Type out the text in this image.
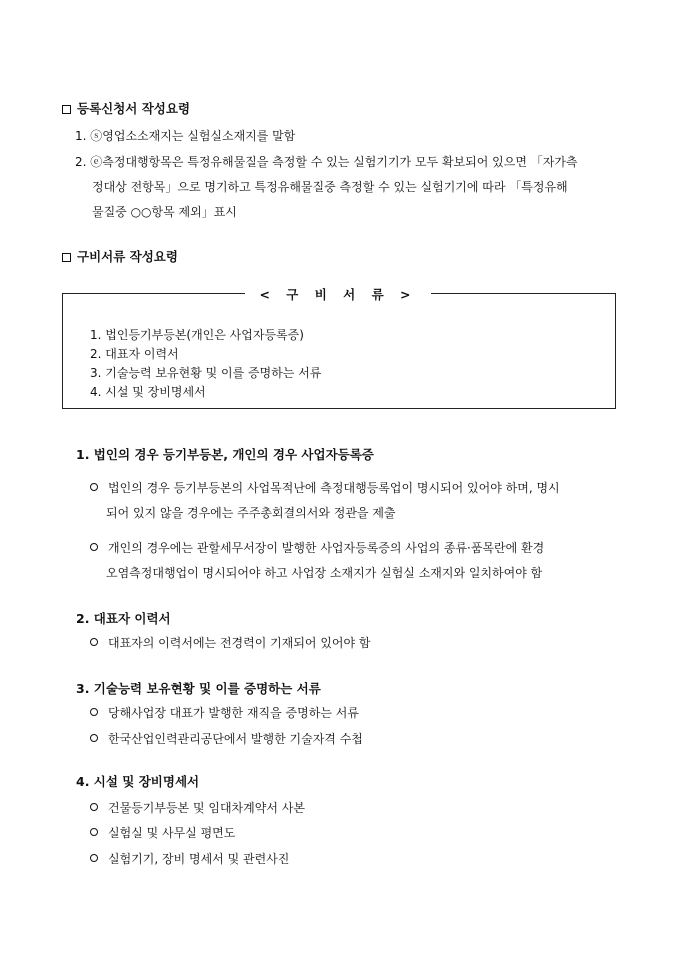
등록신청서 작성요령
1. ⓢ영업소소재지는 실험실소재지를 말함
2. ⓔ측정대행항목은 특정유해물질을 측정할 수 있는 실험기기가 모두 확보되어 있으면 「자가측
정대상 전항목」으로 명기하고 특정유해물질중 측정할 수 있는 실험기기에 따라 「특정유해
물질중 ○○항목 제외」표시
구비서류 작성요령
< 구 비 서 류 >
1. 법인등기부등본(개인은 사업자등록증)
2. 대표자 이력서
3. 기술능력 보유현황 및 이를 증명하는 서류
4. 시설 및 장비명세서
1. 법인의 경우 등기부등본, 개인의 경우 사업자등록증
법인의 경우 등기부등본의 사업목적난에 측정대행등록업이 명시되어 있어야 하며, 명시
되어 있지 않을 경우에는 주주총회결의서와 정관을 제출
개인의 경우에는 관할세무서장이 발행한 사업자등록증의 사업의 종류·품목란에 환경
오염측정대행업이 명시되어야 하고 사업장 소재지가 실험실 소재지와 일치하여야 함
2. 대표자 이력서
대표자의 이력서에는 전경력이 기재되어 있어야 함
3. 기술능력 보유현황 및 이를 증명하는 서류
당해사업장 대표가 발행한 재직을 증명하는 서류
한국산업인력관리공단에서 발행한 기술자격 수첩
4. 시설 및 장비명세서
건물등기부등본 및 임대차계약서 사본
실험실 및 사무실 평면도
실험기기, 장비 명세서 및 관련사진
